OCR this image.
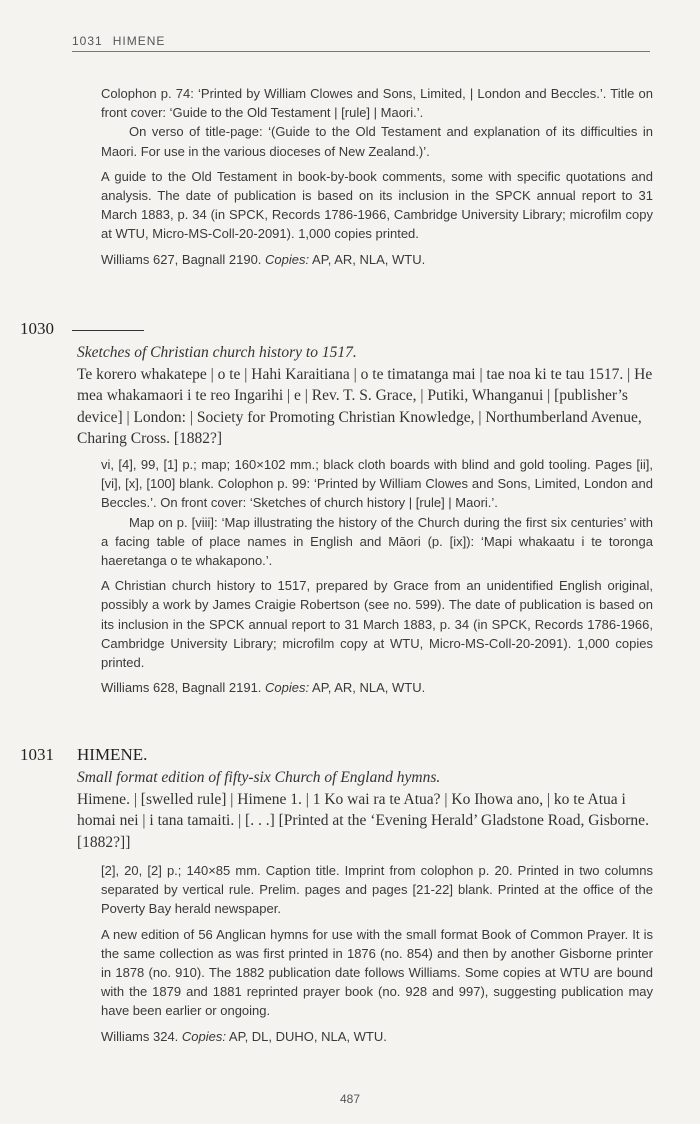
1031 HIMENE

Colophon p. 74: ‘Printed by William Clowes and Sons, Limited, | London and Beccles.’. Title on front cover: ‘Guide to the Old Testament | [rule] | Maori.’.

On verso of title-page: ‘(Guide to the Old Testament and explanation of its difficulties in Maori. For use in the various dioceses of New Zealand.)’.

A guide to the Old Testament in book-by-book comments, some with specific quotations and analysis. The date of publication is based on its inclusion in the SPCK annual report to 31 March 1883, p. 34 (in SPCK, Records 1786-1966, Cambridge University Library; microfilm copy at WTU, Micro-MS-Coll-20-2091). 1,000 copies printed.

Williams 627, Bagnall 2190. Copies: AP, AR, NLA, WTU.

1030
Sketches of Christian church history to 1517.
Te korero whakatepe | o te | Hahi Karaitiana | o te timatanga mai | tae noa ki te tau 1517. | He mea whakamaori i te reo Ingarihi | e | Rev. T. S. Grace, | Putiki, Whanganui | [publisher’s device] | London: | Society for Promoting Christian Knowledge, | Northumberland Avenue, Charing Cross. [1882?]

vi, [4], 99, [1] p.; map; 160×102 mm.; black cloth boards with blind and gold tooling. Pages [ii], [vi], [x], [100] blank. Colophon p. 99: ‘Printed by William Clowes and Sons, Limited, London and Beccles.’. On front cover: ‘Sketches of church history | [rule] | Maori.’.

Map on p. [viii]: ‘Map illustrating the history of the Church during the first six centuries’ with a facing table of place names in English and Māori (p. [ix]): ‘Mapi whakaatu i te toronga haeretanga o te whakapono.’.

A Christian church history to 1517, prepared by Grace from an unidentified English original, possibly a work by James Craigie Robertson (see no. 599). The date of publication is based on its inclusion in the SPCK annual report to 31 March 1883, p. 34 (in SPCK, Records 1786-1966, Cambridge University Library; microfilm copy at WTU, Micro-MS-Coll-20-2091). 1,000 copies printed.

Williams 628, Bagnall 2191. Copies: AP, AR, NLA, WTU.

1031 HIMENE.
Small format edition of fifty-six Church of England hymns.
Himene. | [swelled rule] | Himene 1. | 1 Ko wai ra te Atua? | Ko Ihowa ano, | ko te Atua i homai nei | i tana tamaiti. | [. . .] [Printed at the ‘Evening Herald’ Gladstone Road, Gisborne. [1882?]]

[2], 20, [2] p.; 140×85 mm. Caption title. Imprint from colophon p. 20. Printed in two columns separated by vertical rule. Prelim. pages and pages [21-22] blank. Printed at the office of the Poverty Bay herald newspaper.

A new edition of 56 Anglican hymns for use with the small format Book of Common Prayer. It is the same collection as was first printed in 1876 (no. 854) and then by another Gisborne printer in 1878 (no. 910). The 1882 publication date follows Williams. Some copies at WTU are bound with the 1879 and 1881 reprinted prayer book (no. 928 and 997), suggesting publication may have been earlier or ongoing.

Williams 324. Copies: AP, DL, DUHO, NLA, WTU.

487
